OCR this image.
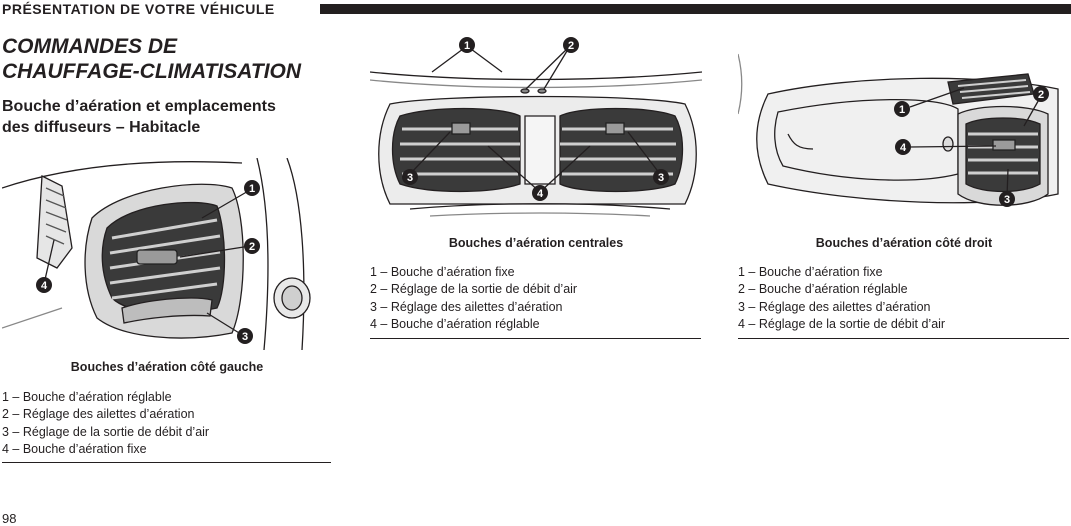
PRÉSENTATION DE VOTRE VÉHICULE
COMMANDES DE
CHAUFFAGE-CLIMATISATION
Bouche d’aération et emplacements
des diffuseurs – Habitacle
1
2
3
4
Bouches d’aération côté gauche
1 – Bouche d’aération réglable
2 – Réglage des ailettes d’aération
3 – Réglage de la sortie de débit d’air
4 – Bouche d’aération fixe
1	2
3
4
3
Bouches d’aération centrales
1 – Bouche d’aération fixe
2 – Réglage de la sortie de débit d’air
3 – Réglage des ailettes d’aération
4 – Bouche d’aération réglable
1
2
4
3
Bouches d’aération côté droit
1 – Bouche d’aération fixe
2 – Bouche d’aération réglable
3 – Réglage des ailettes d’aération
4 – Réglage de la sortie de débit d’air
98
